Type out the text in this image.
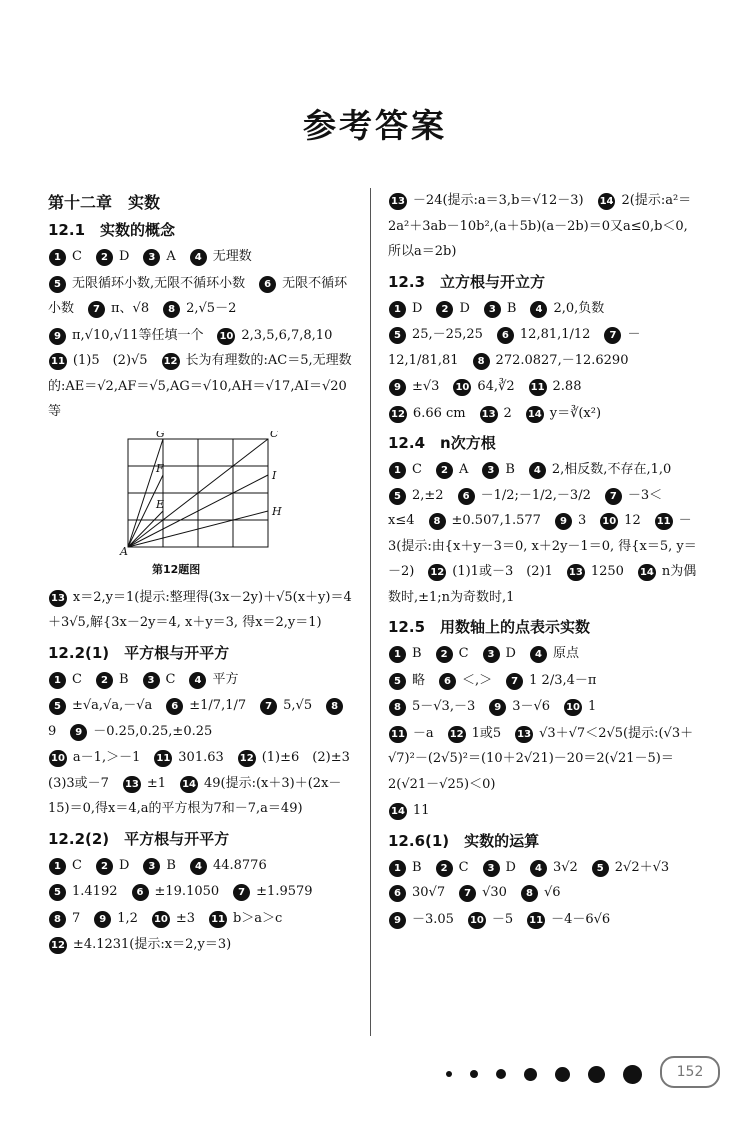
参考答案
第十二章　实数
12.1　实数的概念
1 C  2 D  3 A  4 无理数 
5 无限循环小数,无限不循环小数  6 无限不循环小数  7 π、√8  8 2,√5－2 
9 π,√10,√11等任填一个  10 2,3,5,6,7,8,10 11 (1)5　(2)√5  12 长为有理数的:AC＝5,无理数的:AE＝√2,AF＝√5,AG＝√10,AH＝√17,AI＝√20等 
G	C
F
I
E
H
A
第12题图
13 x＝2,y＝1(提示:整理得(3x－2y)＋√5(x＋y)＝4＋3√5,解{3x－2y＝4, x＋y＝3, 得x＝2,y＝1) 
12.2(1)　平方根与开平方
1 C  2 B  3 C  4 平方 
5 ±√a,√a,－√a  6 ±1/7,1/7  7 5,√5  89  9 －0.25,0.25,±0.25 
10 a－1,＞－1  11 301.63  12 (1)±6　(2)±3　(3)3或－7  13 ±1  14 49(提示:(x＋3)＋(2x－15)＝0,得x＝4,a的平方根为7和－7,a＝49) 
12.2(2)　平方根与开平方
1 C  2 D  3 B  4 44.8776 
5 1.4192  6 ±19.1050  7 ±1.9579 
8 7  9 1,2  10 ±3  11 b＞a＞c 
12 ±4.1231(提示:x＝2,y＝3) 
13 －24(提示:a＝3,b＝√12－3)  14 2(提示:a²＝2a²＋3ab－10b²,(a＋5b)(a－2b)＝0又a≤0,b＜0,所以a＝2b) 
12.3　立方根与开立方
1 D  2 D  3 B  4 2,0,负数 
5 25,－25,25  6 12,81,1/12  7 －12,1/81,81  8 272.0827,－12.6290 
9 ±√3  10 64,∛2  11 2.88 
12 6.66 cm  13 2  14 y＝∛(x²) 
12.4　n次方根
1 C  2 A  3 B  4 2,相反数,不存在,1,0 5 2,±2  6 －1/2;－1/2,－3/2  7 －3＜x≤4  8 ±0.507,1.577  9 3  10 12  11 －3(提示:由{x＋y－3＝0, x＋2y－1＝0, 得{x＝5, y＝－2)  12 (1)1或－3　(2)1  13 1250  14 n为偶数时,±1;n为奇数时,1 
12.5　用数轴上的点表示实数
1 B  2 C  3 D  4 原点 
5 略  6 ＜,＞  7 1 2/3,4－π 
8 5－√3,－3  9 3－√6  10 1 
11 －a  12 1或5  13 √3＋√7＜2√5(提示:(√3＋√7)²－(2√5)²＝(10＋2√21)－20＝2(√21－5)＝2(√21－√25)＜0) 
14 11 
12.6(1)　实数的运算
1 B  2 C  3 D  4 3√2  5 2√2＋√3 6 30√7  7 √30  8 √6 
9 －3.05  10 －5  11 －4－6√6 
152
